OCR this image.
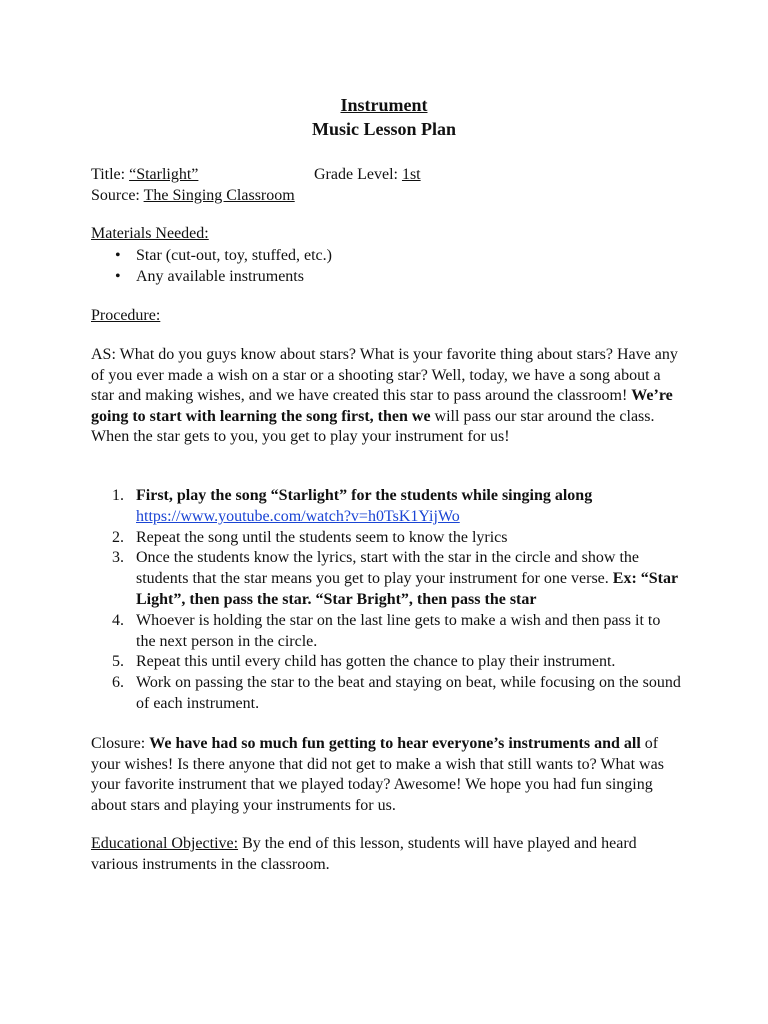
Instrument
Music Lesson Plan
Title: “Starlight”	Grade Level: 1st
Source: The Singing Classroom
Materials Needed:
• Star (cut-out, toy, stuffed, etc.)
• Any available instruments
Procedure:
AS: What do you guys know about stars? What is your favorite thing about stars? Have any of you ever made a wish on a star or a shooting star? Well, today, we have a song about a star and making wishes, and we have created this star to pass around the classroom! We’re going to start with learning the song first, then we will pass our star around the class. When the star gets to you, you get to play your instrument for us!
1. First, play the song “Starlight” for the students while singing along
https://www.youtube.com/watch?v=h0TsK1YijWo
2. Repeat the song until the students seem to know the lyrics
3. Once the students know the lyrics, start with the star in the circle and show the students that the star means you get to play your instrument for one verse. Ex: “Star Light”, then pass the star. “Star Bright”, then pass the star
4. Whoever is holding the star on the last line gets to make a wish and then pass it to the next person in the circle.
5. Repeat this until every child has gotten the chance to play their instrument.
6. Work on passing the star to the beat and staying on beat, while focusing on the sound of each instrument.
Closure: We have had so much fun getting to hear everyone’s instruments and all of your wishes! Is there anyone that did not get to make a wish that still wants to? What was your favorite instrument that we played today? Awesome! We hope you had fun singing about stars and playing your instruments for us.
Educational Objective: By the end of this lesson, students will have played and heard various instruments in the classroom.
